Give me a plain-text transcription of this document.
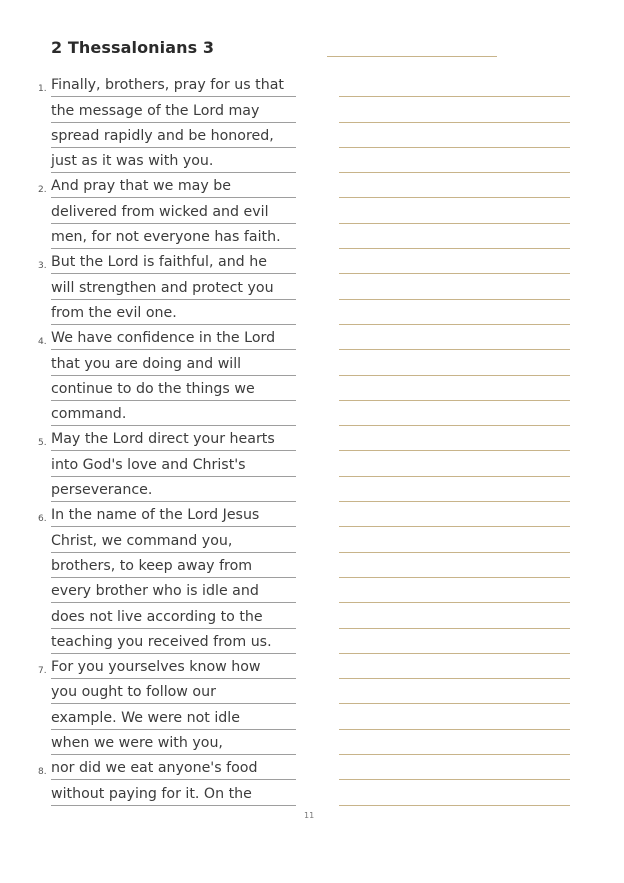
2 Thessalonians 3
1. Finally, brothers, pray for us that
the message of the Lord may
spread rapidly and be honored,
just as it was with you.
2. And pray that we may be
delivered from wicked and evil
men, for not everyone has faith.
3. But the Lord is faithful, and he
will strengthen and protect you
from the evil one.
4. We have confidence in the Lord
that you are doing and will
continue to do the things we
command.
5. May the Lord direct your hearts
into God's love and Christ's
perseverance.
6. In the name of the Lord Jesus
Christ, we command you,
brothers, to keep away from
every brother who is idle and
does not live according to the
teaching you received from us.
7. For you yourselves know how
you ought to follow our
example. We were not idle
when we were with you,
8. nor did we eat anyone's food
without paying for it. On the
11
